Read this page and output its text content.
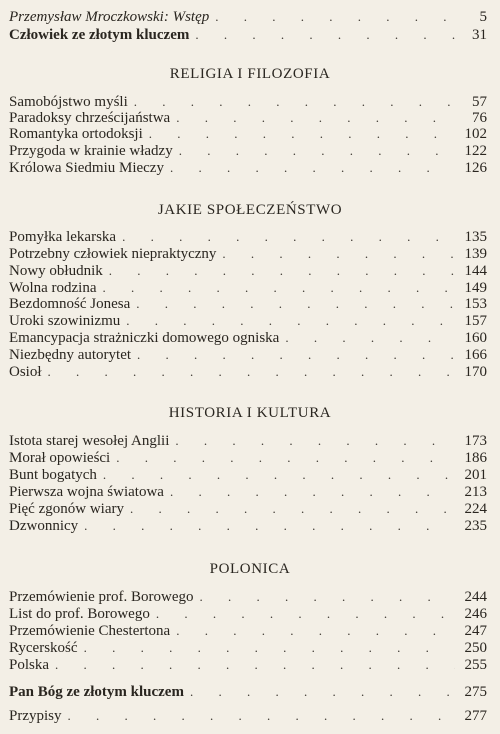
Przemysław Mroczkowski: Wstęp . . .	5
Człowiek ze złotym kluczem . . .	31
RELIGIA I FILOZOFIA
Samobójstwo myśli . . .	57
Paradoksy chrześcijaństwa . . .	76
Romantyka ortodoksji . . .	102
Przygoda w krainie władzy . . .	122
Królowa Siedmiu Mieczy . . .	126
JAKIE SPOŁECZEŃSTWO
Pomyłka lekarska . . .	135
Potrzebny człowiek niepraktyczny . . .	139
Nowy obłudnik . . .	144
Wolna rodzina . . .	149
Bezdomność Jonesa . . .	153
Uroki szowinizmu . . .	157
Emancypacja strażniczki domowego ogniska . . .	160
Niezbędny autorytet . . .	166
Osioł . . .	170
HISTORIA I KULTURA
Istota starej wesołej Anglii . . .	173
Morał opowieści . . .	186
Bunt bogatych . . .	201
Pierwsza wojna światowa . . .	213
Pięć zgonów wiary . . .	224
Dzwonnicy . . .	235
POLONICA
Przemówienie prof. Borowego . . .	244
List do prof. Borowego . . .	246
Przemówienie Chestertona . . .	247
Rycerskość . . .	250
Polska . . .	255
Pan Bóg ze złotym kluczem . . .	275
Przypisy . . .	277
